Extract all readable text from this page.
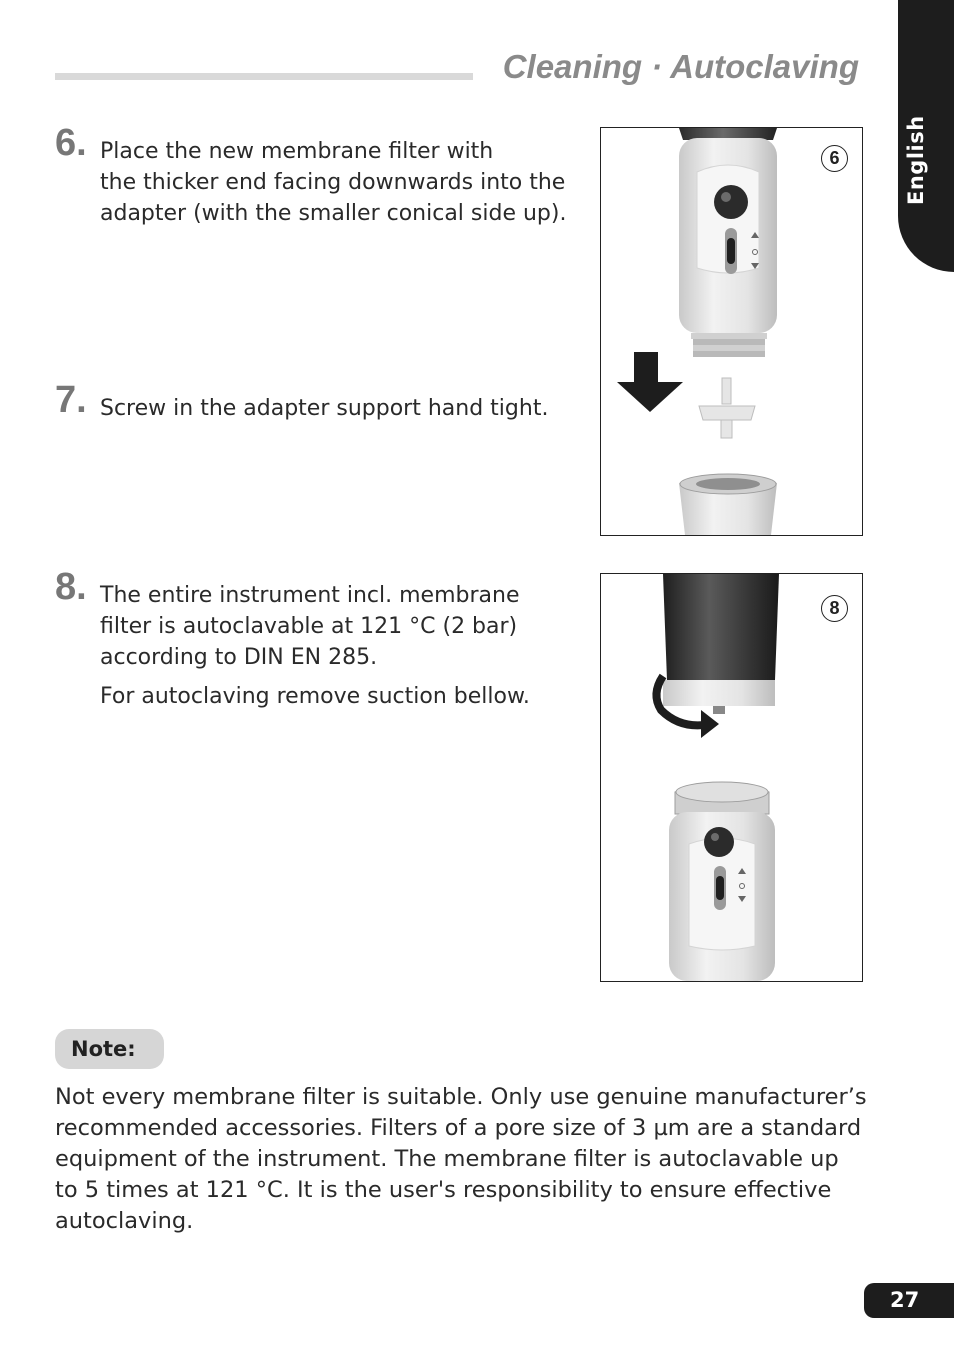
Cleaning · Autoclaving
English
6. Place the new membrane filter with

the thicker end facing downwards into the

adapter (with the smaller conical side up).

7. Screw in the adapter support hand tight.

8. The entire instrument incl. membrane

filter is autoclavable at 121 °C (2 bar)

according to DIN EN 285.

For autoclaving remove suction bellow.

6
8
Note:

Not every membrane filter is suitable. Only use genuine manufacturer’s

recommended accessories. Filters of a pore size of 3 µm are a standard

equipment of the instrument. The membrane filter is autoclavable up

to 5 times at 121 °C. It is the user's responsibility to ensure effective

autoclaving.

27
